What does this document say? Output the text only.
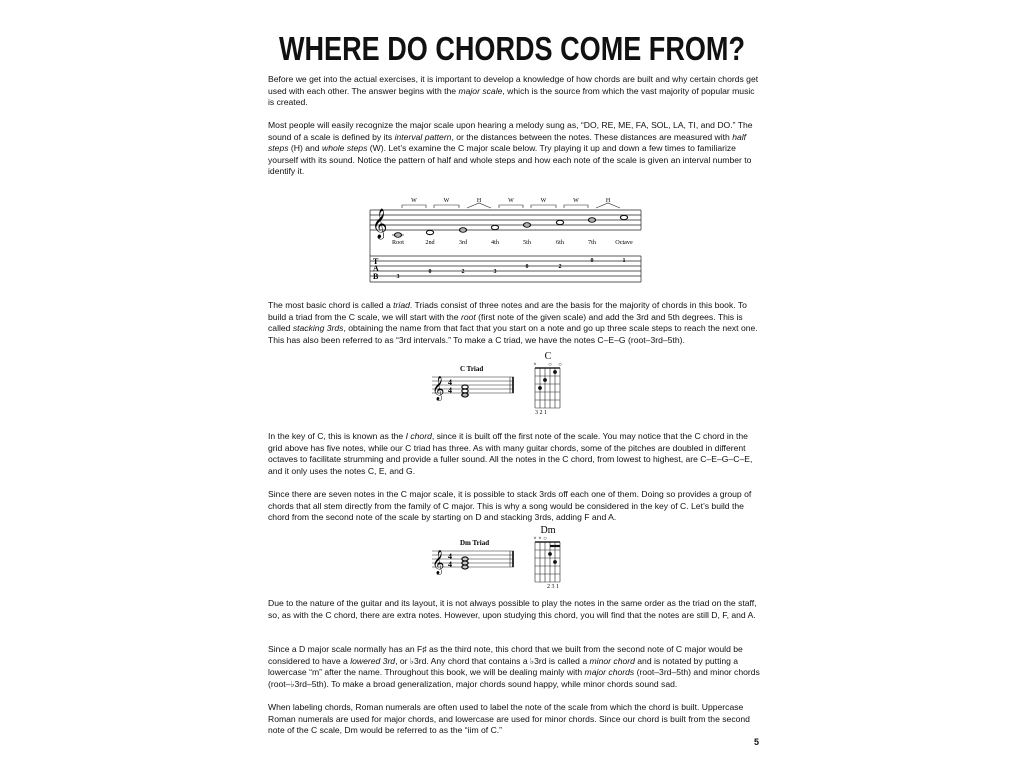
WHERE DO CHORDS COME FROM?

Before we get into the actual exercises, it is important to develop a knowledge of how chords are built and why certain chords get used with each other. The answer begins with the major scale, which is the source from which the vast majority of popular music is created.

Most people will easily recognize the major scale upon hearing a melody sung as, “DO, RE, ME, FA, SOL, LA, TI, and DO.” The sound of a scale is defined by its interval pattern, or the distances between the notes. These distances are measured with half steps (H) and whole steps (W). Let’s examine the C major scale below. Try playing it up and down a few times to familiarize yourself with its sound. Notice the pattern of half and whole steps and how each note of the scale is given an interval number to identify it.

W	W	H	W	W	W	H
𝄞
Root	2nd	3rd	4th	5th	6th	7th	Octave
T
A
B	3
0	2	3
0	2
0	1

The most basic chord is called a triad. Triads consist of three notes and are the basis for the majority of chords in this book. To build a triad from the C scale, we will start with the root (first note of the given scale) and add the 3rd and 5th degrees. This is called stacking 3rds, obtaining the name from that fact that you start on a note and go up three scale steps to reach the next one. This has also been referred to as “3rd intervals.” To make a C triad, we have the notes C–E–G (root–3rd–5th).

C Triad
𝄞 4
4
C
× ○ ○
3 2 1

In the key of C, this is known as the I chord, since it is built off the first note of the scale. You may notice that the C chord in the grid above has five notes, while our C triad has three. As with many guitar chords, some of the pitches are doubled in different octaves to facilitate strumming and provide a fuller sound. All the notes in the C chord, from lowest to highest, are C–E–G–C–E, and it only uses the notes C, E, and G.

Since there are seven notes in the C major scale, it is possible to stack 3rds off each one of them. Doing so provides a group of chords that all stem directly from the family of C major. This is why a song would be considered in the key of C. Let’s build the chord from the second note of the scale by starting on D and stacking 3rds, adding F and A.

Dm Triad
𝄞 4
4
Dm
× × ○
2 3 1

Due to the nature of the guitar and its layout, it is not always possible to play the notes in the same order as the triad on the staff, so, as with the C chord, there are extra notes. However, upon studying this chord, you will find that the notes are still D, F, and A.

Since a D major scale normally has an F♯ as the third note, this chord that we built from the second note of C major would be considered to have a lowered 3rd, or ♭3rd. Any chord that contains a ♭3rd is called a minor chord and is notated by putting a lowercase “m” after the name. Throughout this book, we will be dealing mainly with major chords (root–3rd–5th) and minor chords (root–♭3rd–5th). To make a broad generalization, major chords sound happy, while minor chords sound sad.

When labeling chords, Roman numerals are often used to label the note of the scale from which the chord is built. Uppercase Roman numerals are used for major chords, and lowercase are used for minor chords. Since our chord is built from the second note of the C scale, Dm would be referred to as the “iim of C.”

5
